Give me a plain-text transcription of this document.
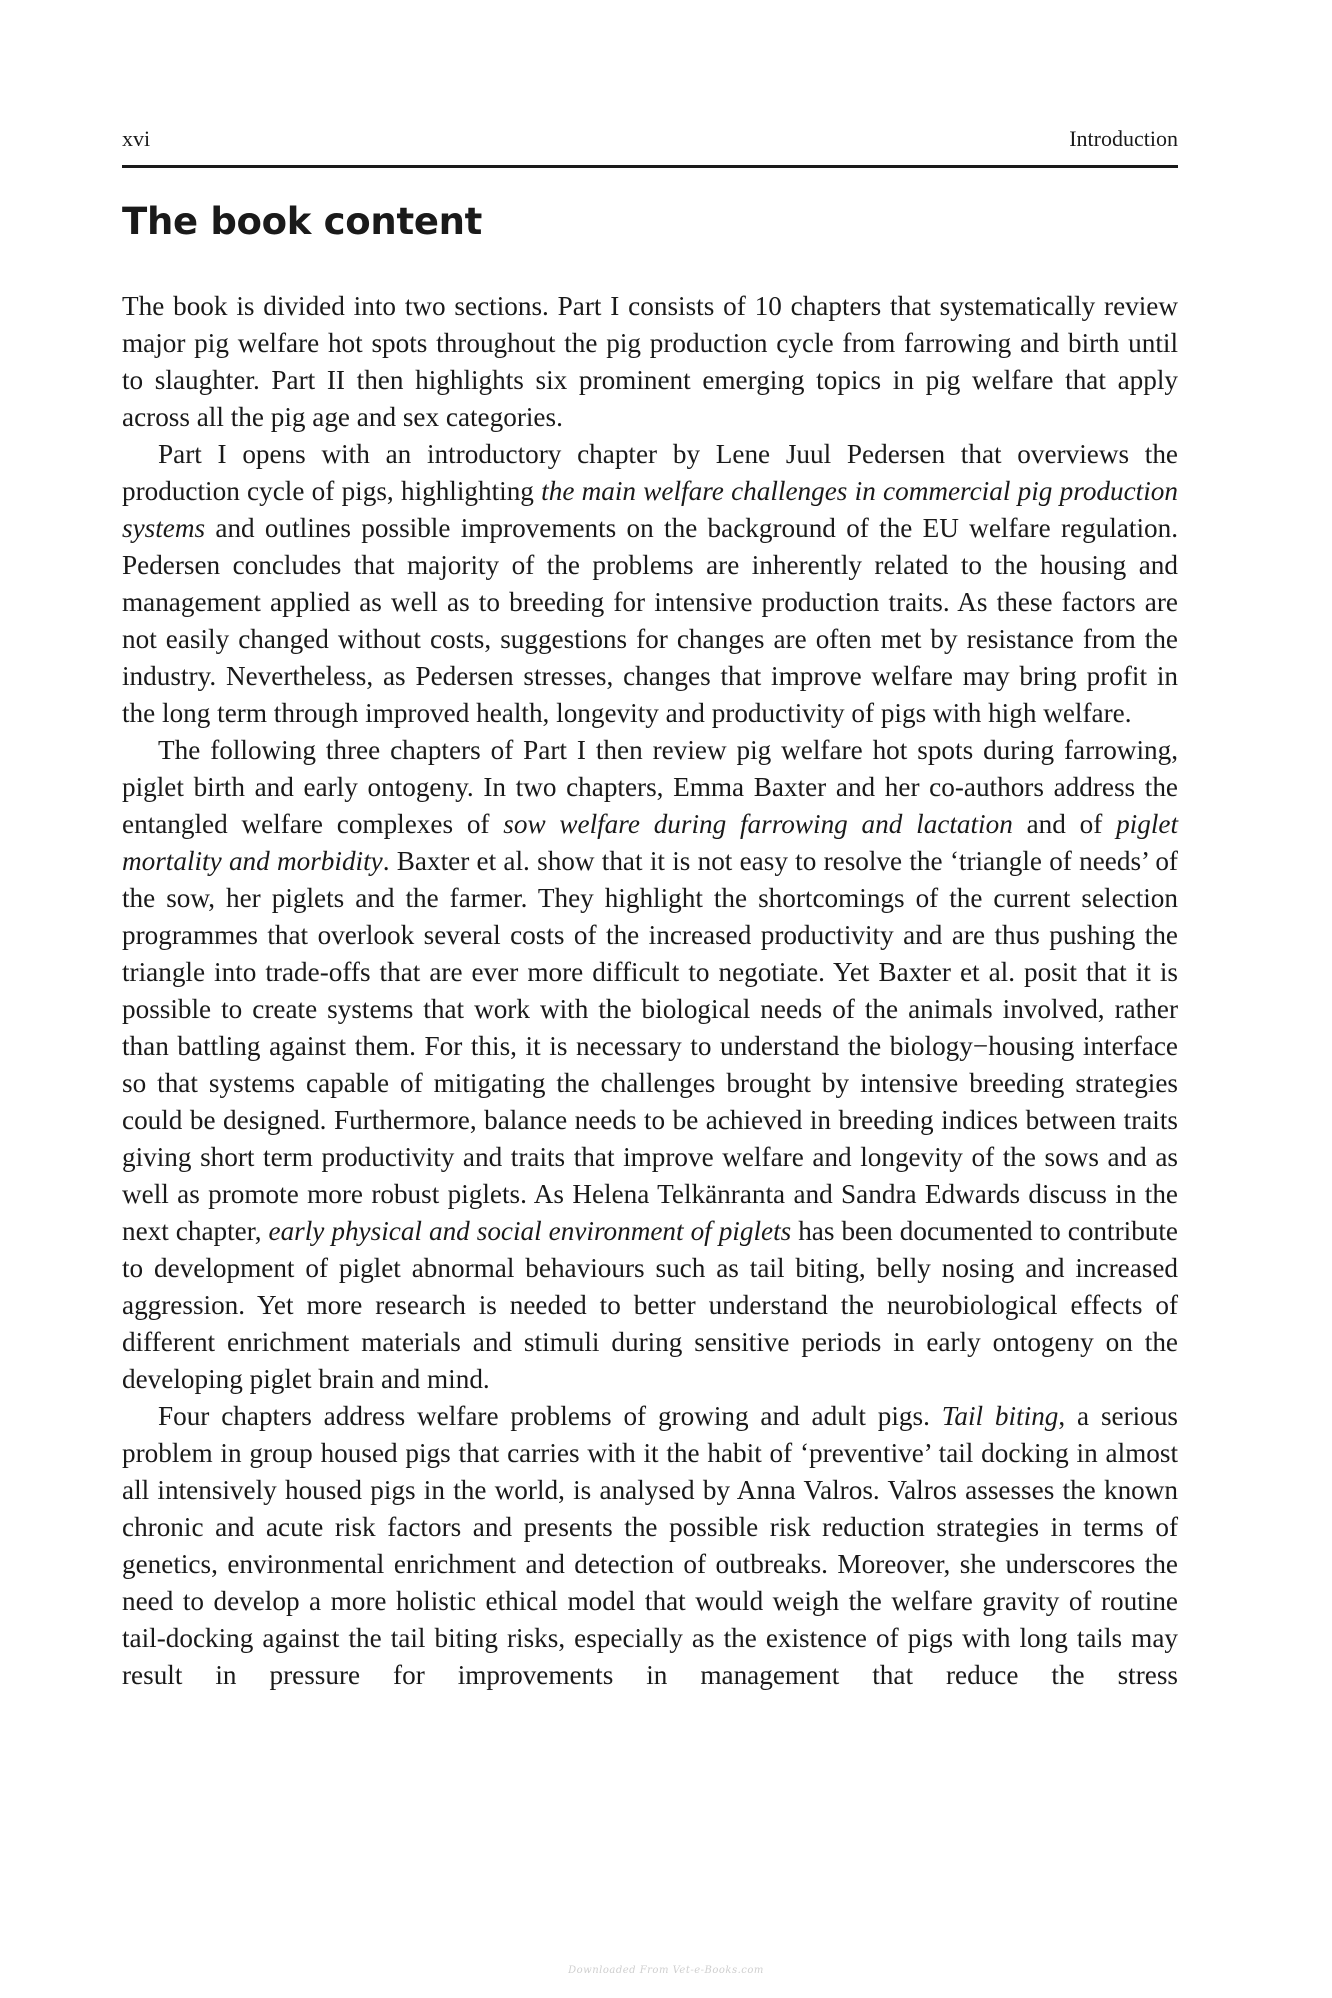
xvi	Introduction
The book content

The book is divided into two sections. Part I consists of 10 chapters that systematically review major pig welfare hot spots throughout the pig production cycle from farrowing and birth until to slaughter. Part II then highlights six prominent emerging topics in pig welfare that apply across all the pig age and sex categories.

Part I opens with an introductory chapter by Lene Juul Pedersen that overviews the production cycle of pigs, highlighting the main welfare challenges in commercial pig production systems and outlines possible improvements on the background of the EU welfare regulation. Pedersen concludes that majority of the problems are inherently related to the housing and management applied as well as to breeding for intensive production traits. As these factors are not easily changed without costs, suggestions for changes are often met by resistance from the industry. Nevertheless, as Pedersen stresses, changes that improve welfare may bring profit in the long term through improved health, longevity and productivity of pigs with high welfare.

The following three chapters of Part I then review pig welfare hot spots during farrowing, piglet birth and early ontogeny. In two chapters, Emma Baxter and her co-authors address the entangled welfare complexes of sow welfare during farrowing and lactation and of piglet mortality and morbidity. Baxter et al. show that it is not easy to resolve the ‘triangle of needs’ of the sow, her piglets and the farmer. They highlight the shortcomings of the current selection programmes that overlook several costs of the increased productivity and are thus pushing the triangle into trade-offs that are ever more difficult to negotiate. Yet Baxter et al. posit that it is possible to create systems that work with the biological needs of the animals involved, rather than battling against them. For this, it is necessary to understand the biology−housing interface so that systems capable of mitigating the challenges brought by intensive breeding strategies could be designed. Furthermore, balance needs to be achieved in breeding indices between traits giving short term productivity and traits that improve welfare and longevity of the sows and as well as promote more robust piglets. As Helena Telkänranta and Sandra Edwards discuss in the next chapter, early physical and social environment of piglets has been documented to contribute to development of piglet abnormal behaviours such as tail biting, belly nosing and increased aggression. Yet more research is needed to better understand the neurobiological effects of different enrichment materials and stimuli during sensitive periods in early ontogeny on the developing piglet brain and mind.

Four chapters address welfare problems of growing and adult pigs. Tail biting, a serious problem in group housed pigs that carries with it the habit of ‘preventive’ tail docking in almost all intensively housed pigs in the world, is analysed by Anna Valros. Valros assesses the known chronic and acute risk factors and presents the possible risk reduction strategies in terms of genetics, environmental enrichment and detection of outbreaks. Moreover, she underscores the need to develop a more holistic ethical model that would weigh the welfare gravity of routine tail-docking against the tail biting risks, especially as the existence of pigs with long tails may result in pressure for improvements in management that reduce the stress

Downloaded From Vet-e-Books.com
